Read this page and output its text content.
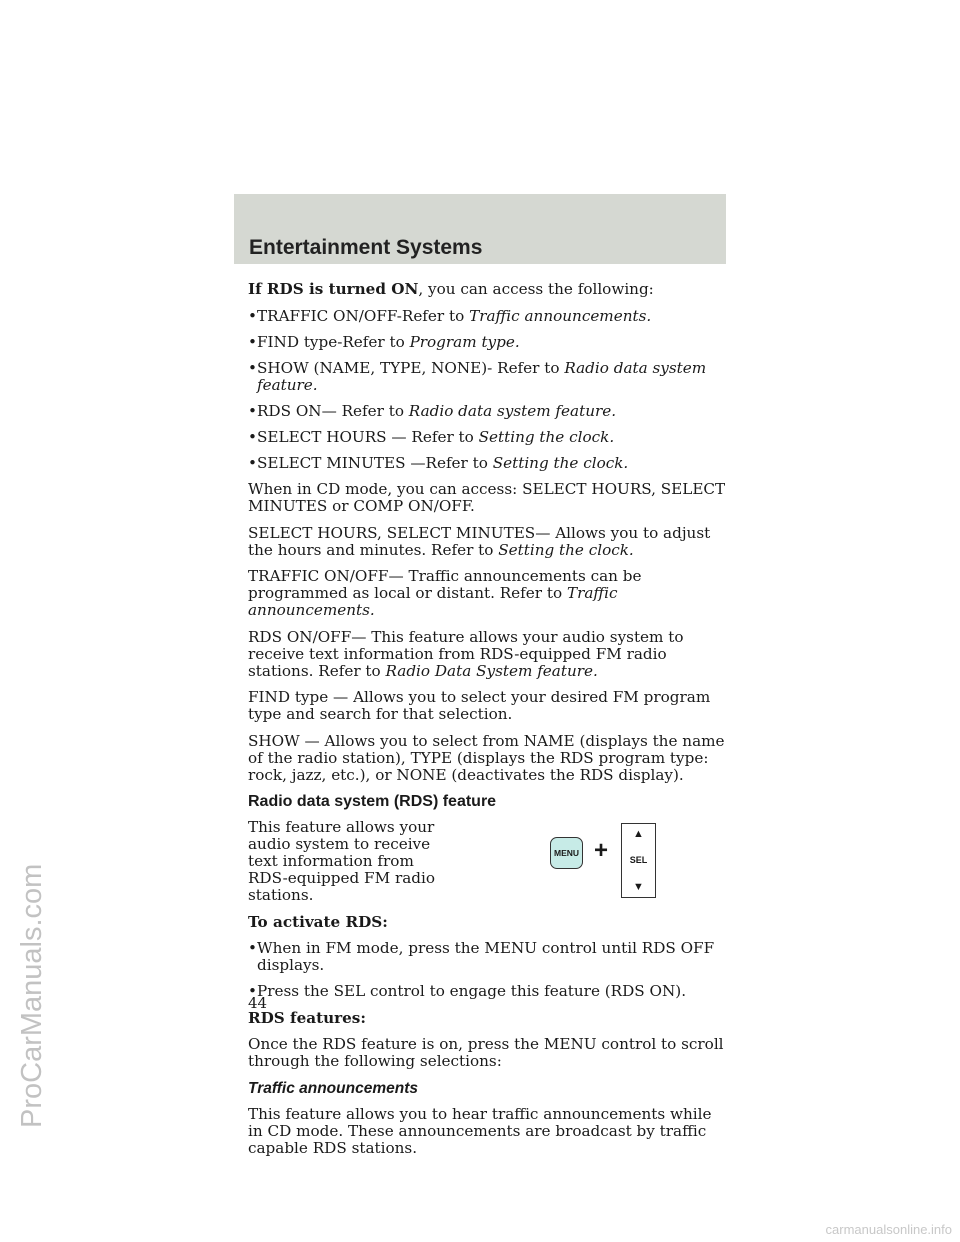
Entertainment Systems

If RDS is turned ON, you can access the following:

• TRAFFIC ON/OFF-Refer to Traffic announcements.
• FIND type-Refer to Program type.
• SHOW (NAME, TYPE, NONE)- Refer to Radio data system feature.
• RDS ON— Refer to Radio data system feature.
• SELECT HOURS — Refer to Setting the clock.
• SELECT MINUTES —Refer to Setting the clock.

When in CD mode, you can access: SELECT HOURS, SELECT MINUTES or COMP ON/OFF.

SELECT HOURS, SELECT MINUTES— Allows you to adjust the hours and minutes. Refer to Setting the clock.

TRAFFIC ON/OFF— Traffic announcements can be programmed as local or distant. Refer to Traffic announcements.

RDS ON/OFF— This feature allows your audio system to receive text information from RDS-equipped FM radio stations. Refer to Radio Data System feature.

FIND type — Allows you to select your desired FM program type and search for that selection.

SHOW — Allows you to select from NAME (displays the name of the radio station), TYPE (displays the RDS program type: rock, jazz, etc.), or NONE (deactivates the RDS display).

Radio data system (RDS) feature

This feature allows your audio system to receive text information from RDS-equipped FM radio stations.

MENU +
▲
SEL
▼

To activate RDS:

• When in FM mode, press the MENU control until RDS OFF displays.
• Press the SEL control to engage this feature (RDS ON).

RDS features:

Once the RDS feature is on, press the MENU control to scroll through the following selections:

Traffic announcements

This feature allows you to hear traffic announcements while in CD mode. These announcements are broadcast by traffic capable RDS stations.

44
ProCarManuals.com
carmanualsonline.info
